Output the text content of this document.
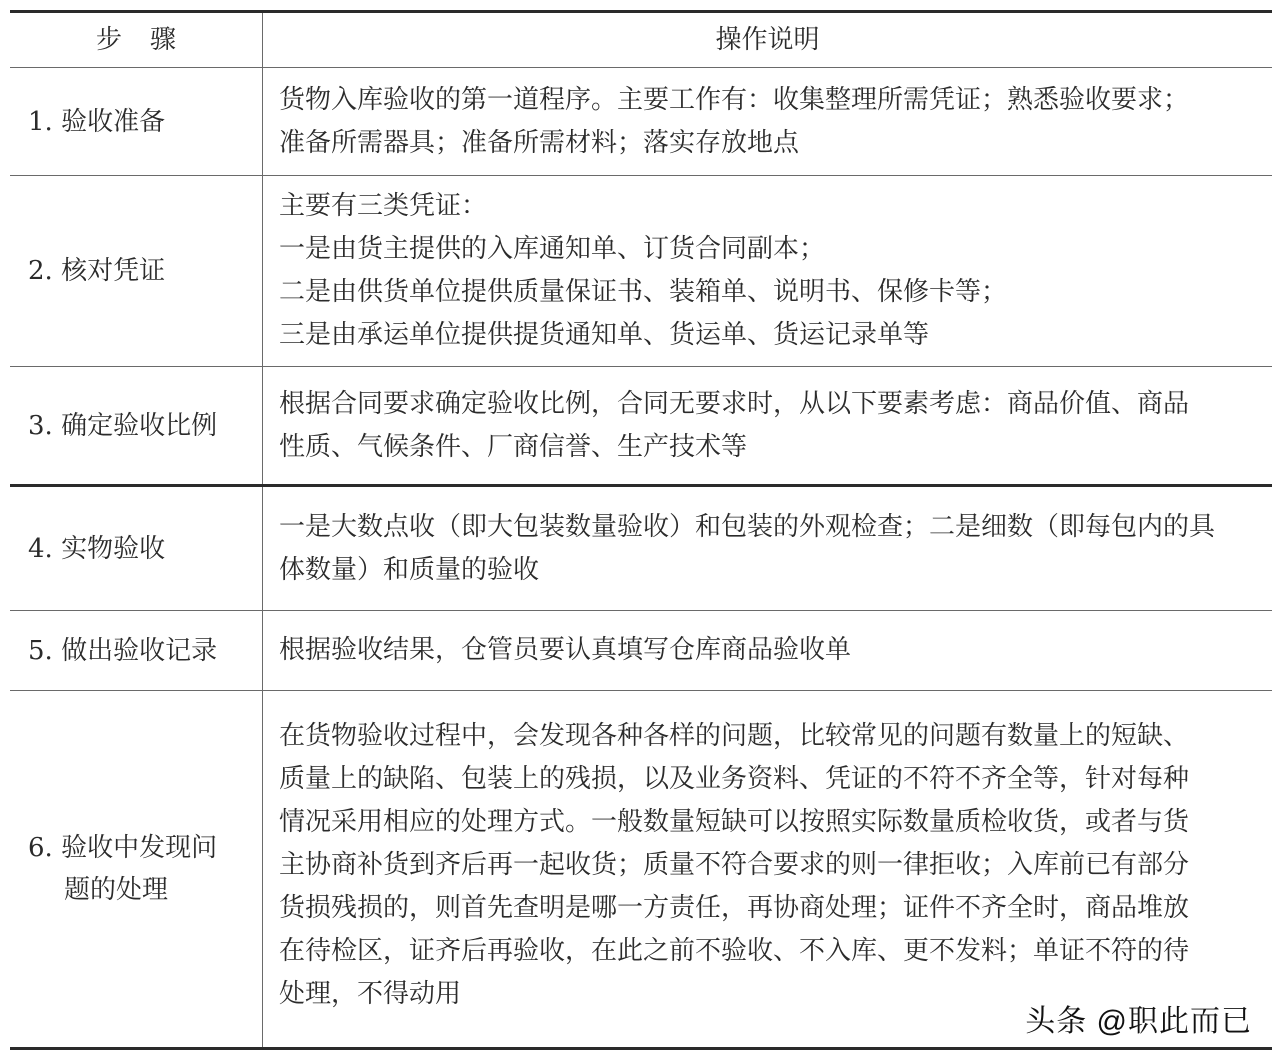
步骤	操作说明
1. 验收准备
货物入库验收的第一道程序。主要工作有：收集整理所需凭证；熟悉验收要求；
准备所需器具；准备所需材料；落实存放地点
2. 核对凭证
主要有三类凭证：
一是由货主提供的入库通知单、订货合同副本；
二是由供货单位提供质量保证书、装箱单、说明书、保修卡等；
三是由承运单位提供提货通知单、货运单、货运记录单等
3. 确定验收比例
根据合同要求确定验收比例，合同无要求时，从以下要素考虑：商品价值、商品
性质、气候条件、厂商信誉、生产技术等
4. 实物验收
一是大数点收（即大包装数量验收）和包装的外观检查；二是细数（即每包内的具
体数量）和质量的验收
5. 做出验收记录 根据验收结果，仓管员要认真填写仓库商品验收单
6. 验收中发现问
题的处理
在货物验收过程中，会发现各种各样的问题，比较常见的问题有数量上的短缺、
质量上的缺陷、包装上的残损，以及业务资料、凭证的不符不齐全等，针对每种
情况采用相应的处理方式。一般数量短缺可以按照实际数量质检收货，或者与货
主协商补货到齐后再一起收货；质量不符合要求的则一律拒收；入库前已有部分
货损残损的，则首先查明是哪一方责任，再协商处理；证件不齐全时，商品堆放
在待检区，证齐后再验收，在此之前不验收、不入库、更不发料；单证不符的待
处理，不得动用
头条 @职此而已
